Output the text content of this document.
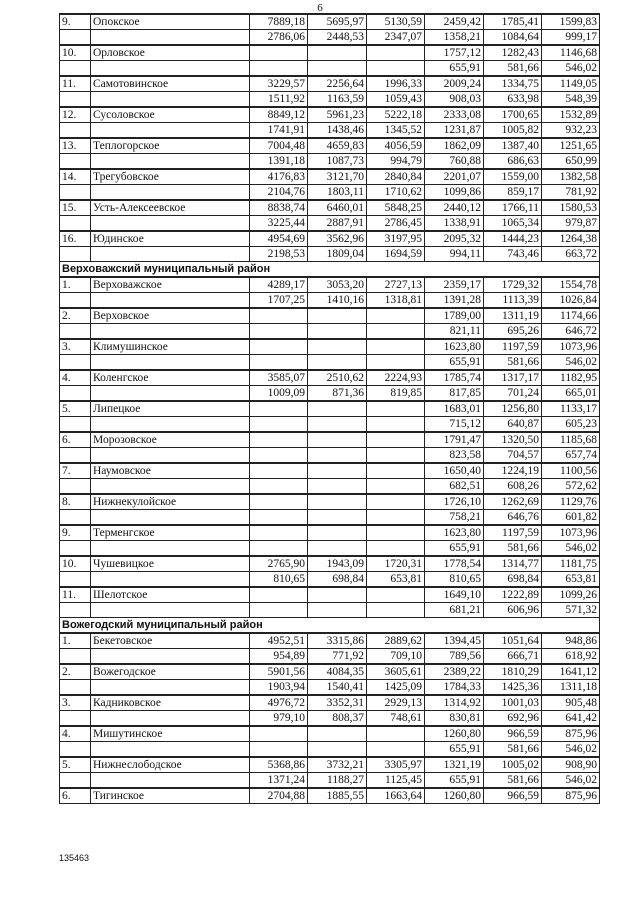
6
9.	Опокское	7889,18	5695,97	5130,59	2459,42	1785,41	1599,83
		2786,06	2448,53	2347,07	1358,21	1084,64	999,17
10.	Орловское				1757,12	1282,43	1146,68
					655,91	581,66	546,02
11.	Самотовинское	3229,57	2256,64	1996,33	2009,24	1334,75	1149,05
		1511,92	1163,59	1059,43	908,03	633,98	548,39
12.	Сусоловское	8849,12	5961,23	5222,18	2333,08	1700,65	1532,89
		1741,91	1438,46	1345,52	1231,87	1005,82	932,23
13.	Теплогорское	7004,48	4659,83	4056,59	1862,09	1387,40	1251,65
		1391,18	1087,73	994,79	760,88	686,63	650,99
14.	Трегубовское	4176,83	3121,70	2840,84	2201,07	1559,00	1382,58
		2104,76	1803,11	1710,62	1099,86	859,17	781,92
15.	Усть-Алексеевское	8838,74	6460,01	5848,25	2440,12	1766,11	1580,53
		3225,44	2887,91	2786,45	1338,91	1065,34	979,87
16.	Юдинское	4954,69	3562,96	3197,95	2095,32	1444,23	1264,38
		2198,53	1809,04	1694,59	994,11	743,46	663,72
Верховажский муниципальный район							
1.	Верховажское	4289,17	3053,20	2727,13	2359,17	1729,32	1554,78
		1707,25	1410,16	1318,81	1391,28	1113,39	1026,84
2.	Верховское				1789,00	1311,19	1174,66
					821,11	695,26	646,72
3.	Климушинское				1623,80	1197,59	1073,96
					655,91	581,66	546,02
4.	Коленгское	3585,07	2510,62	2224,93	1785,74	1317,17	1182,95
		1009,09	871,36	819,85	817,85	701,24	665,01
5.	Липецкое				1683,01	1256,80	1133,17
					715,12	640,87	605,23
6.	Морозовское				1791,47	1320,50	1185,68
					823,58	704,57	657,74
7.	Наумовское				1650,40	1224,19	1100,56
					682,51	608,26	572,62
8.	Нижнекулойское				1726,10	1262,69	1129,76
					758,21	646,76	601,82
9.	Терменгское				1623,80	1197,59	1073,96
					655,91	581,66	546,02
10.	Чушевицкое	2765,90	1943,09	1720,31	1778,54	1314,77	1181,75
		810,65	698,84	653,81	810,65	698,84	653,81
11.	Шелотское				1649,10	1222,89	1099,26
					681,21	606,96	571,32
Вожегодский муниципальный район							
1.	Бекетовское	4952,51	3315,86	2889,62	1394,45	1051,64	948,86
		954,89	771,92	709,10	789,56	666,71	618,92
2.	Вожегодское	5901,56	4084,35	3605,61	2389,22	1810,29	1641,12
		1903,94	1540,41	1425,09	1784,33	1425,36	1311,18
3.	Кадниковское	4976,72	3352,31	2929,13	1314,92	1001,03	905,48
		979,10	808,37	748,61	830,81	692,96	641,42
4.	Мишутинское				1260,80	966,59	875,96
					655,91	581,66	546,02
5.	Нижнеслободское	5368,86	3732,21	3305,97	1321,19	1005,02	908,90
		1371,24	1188,27	1125,45	655,91	581,66	546,02
6.	Тигинское	2704,88	1885,55	1663,64	1260,80	966,59	875,96
135463
